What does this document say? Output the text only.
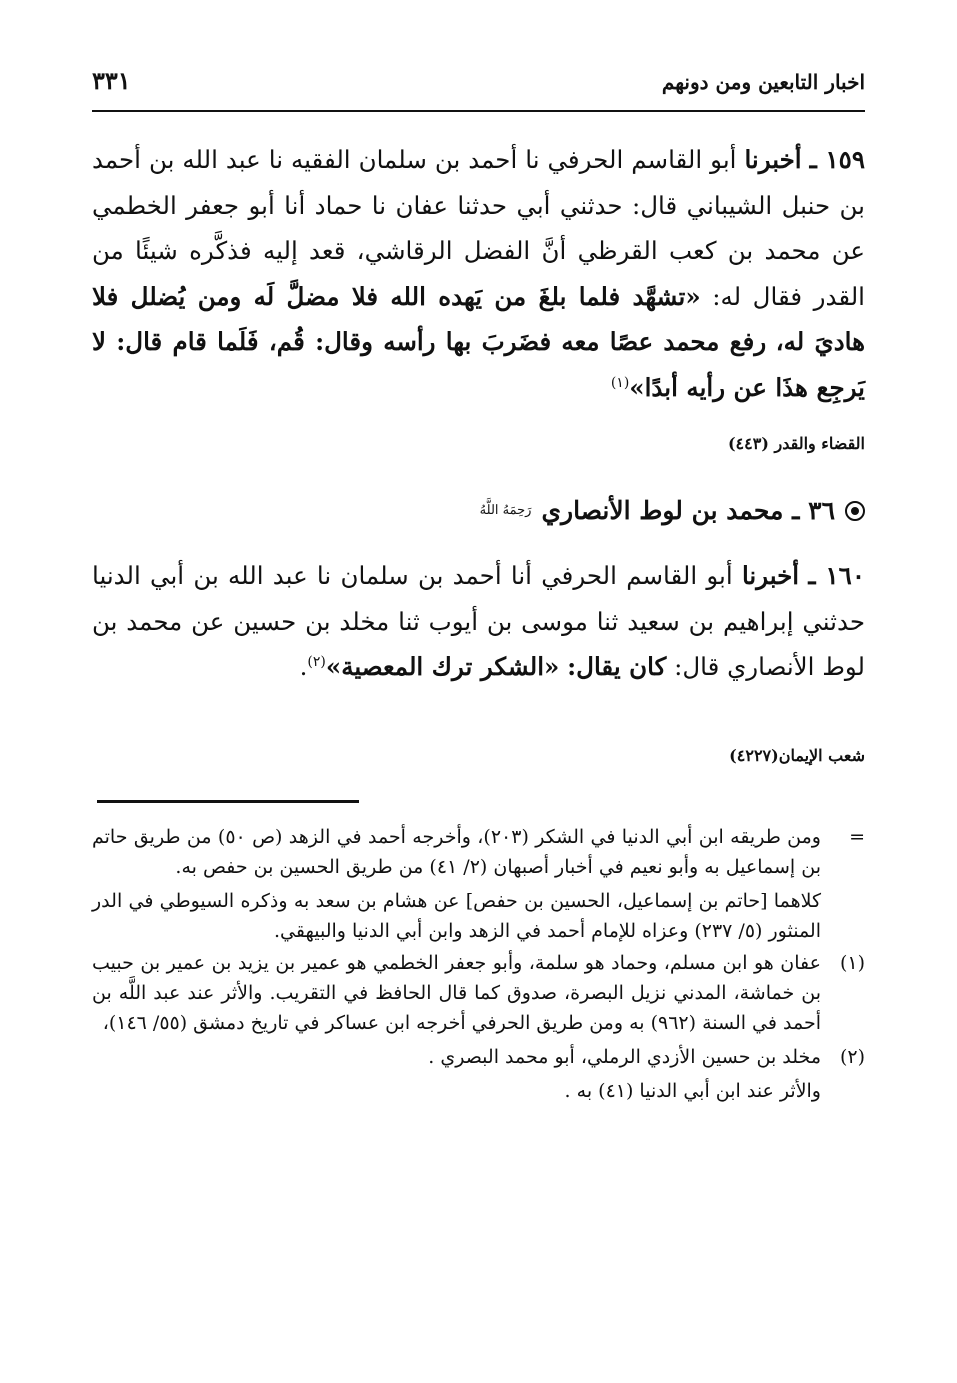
اخبار التابعين ومن دونهم
٣٣١
١٥٩ ـ أخبرنا أبو القاسم الحرفي نا أحمد بن سلمان الفقيه نا عبد الله بن أحمد بن حنبل الشيباني قال: حدثني أبي حدثنا عفان نا حماد أنا أبو جعفر الخطمي عن محمد بن كعب القرظي أنَّ الفضل الرقاشي، قعد إليه فذكَّره شيئًا من القدر فقال له: «تشهَّد فلما بلغَ من يَهده الله فلا مضلَّ لَه ومن يُضلل فلا هاديَ له، رفع محمد عصًا معه فضَربَ بها رأسه وقال: قُم، فَلَما قام قال: لا يَرجِع هذَا عن رأيه أبدًا»$^{(١)}$
القضاء والقدر (٤٤٣)
٣٦ ـ محمد بن لوط الأنصاري
رَحِمَهُ اللَّهُ
١٦٠ ـ أخبرنا أبو القاسم الحرفي أنا أحمد بن سلمان نا عبد الله بن أبي الدنيا حدثني إبراهيم بن سعيد ثنا موسى بن أيوب ثنا مخلد بن حسين عن محمد بن لوط الأنصاري قال: كان يقال: «الشكر ترك المعصية»$^{(٢)}$.
شعب الإيمان(٤٢٢٧)
=
ومن طريقه ابن أبي الدنيا في الشكر (٢٠٣)، وأخرجه أحمد في الزهد (ص ٥٠) من طريق حاتم بن إسماعيل به وأبو نعيم في أخبار أصبهان (٢/ ٤١) من طريق الحسين بن حفص به.
كلاهما [حاتم بن إسماعيل، الحسين بن حفص] عن هشام بن سعد به وذكره السيوطي في الدر المنثور (٥/ ٢٣٧) وعزاه للإمام أحمد في الزهد وابن أبي الدنيا والبيهقي.
(١)
عفان هو ابن مسلم، وحماد هو سلمة، وأبو جعفر الخطمي هو عمير بن يزيد بن عمير بن حبيب بن خماشة، المدني نزيل البصرة، صدوق كما قال الحافظ في التقريب. والأثر عند عبد اللَّه بن أحمد في السنة (٩٦٢) به ومن طريق الحرفي أخرجه ابن عساكر في تاريخ دمشق (٥٥/ ١٤٦)،
(٢)
مخلد بن حسين الأزدي الرملي، أبو محمد البصري .
والأثر عند ابن أبي الدنيا (٤١) به .
